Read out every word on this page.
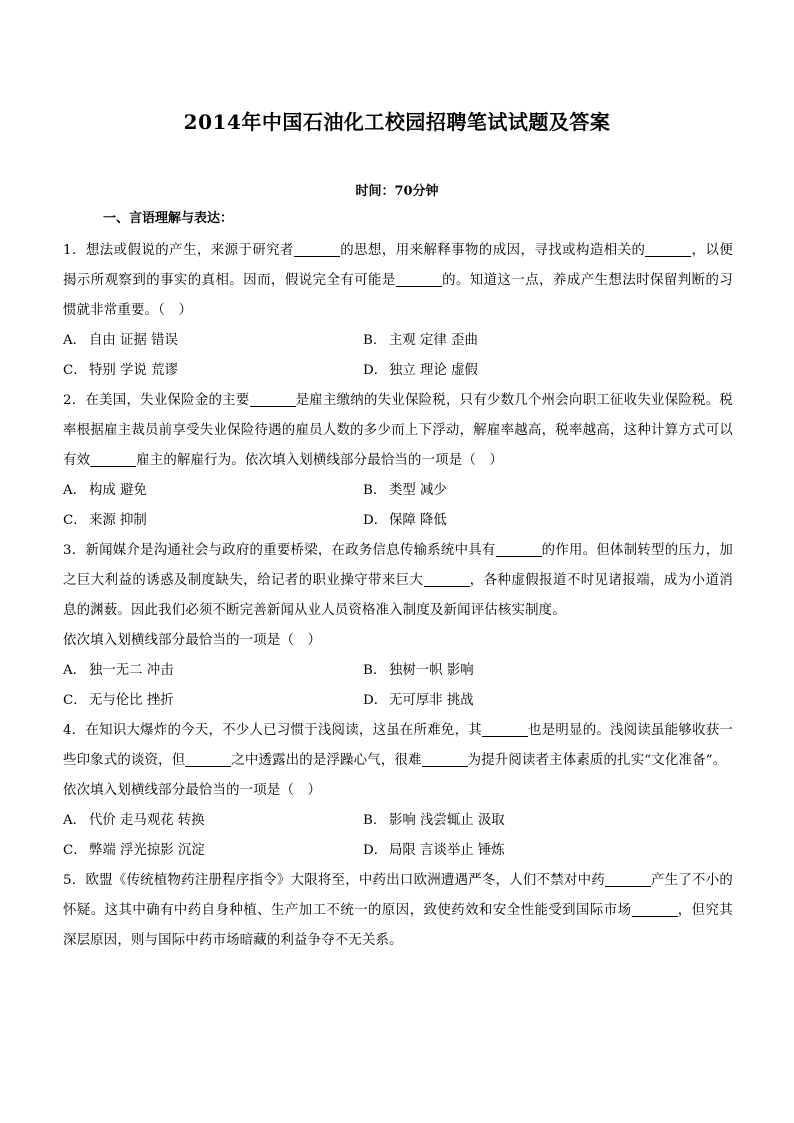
2014年中国石油化工校园招聘笔试试题及答案
时间：70分钟
一、言语理解与表达：

1．想法或假说的产生，来源于研究者	的思想，用来解释事物的成因，寻找或构造相关的	，以便揭示所观察到的事实的真相。因而，假说完全有可能是	的。知道这一点，养成产生想法时保留判断的习惯就非常重要。（　）

A． 自由 证据 错误	B． 主观 定律 歪曲
C． 特别 学说 荒谬	D． 独立 理论 虚假

2．在美国，失业保险金的主要	是雇主缴纳的失业保险税，只有少数几个州会向职工征收失业保险税。税率根据雇主裁员前享受失业保险待遇的雇员人数的多少而上下浮动，解雇率越高，税率越高，这种计算方式可以有效	雇主的解雇行为。依次填入划横线部分最恰当的一项是（　）

A． 构成 避免	B． 类型 减少
C． 来源 抑制	D． 保障 降低

3．新闻媒介是沟通社会与政府的重要桥梁，在政务信息传输系统中具有	的作用。但体制转型的压力，加之巨大利益的诱惑及制度缺失，给记者的职业操守带来巨大	，各种虚假报道不时见诸报端，成为小道消息的渊薮。因此我们必须不断完善新闻从业人员资格准入制度及新闻评估核实制度。

依次填入划横线部分最恰当的一项是（　）

A． 独一无二 冲击	B． 独树一帜 影响
C． 无与伦比 挫折	D． 无可厚非 挑战

4．在知识大爆炸的今天，不少人已习惯于浅阅读，这虽在所难免，其	也是明显的。浅阅读虽能够收获一些印象式的谈资，但	之中透露出的是浮躁心气，很难	为提升阅读者主体素质的扎实“文化准备”。

依次填入划横线部分最恰当的一项是（　）

A． 代价 走马观花 转换	B． 影响 浅尝辄止 汲取
C． 弊端 浮光掠影 沉淀	D． 局限 言谈举止 锤炼

5．欧盟《传统植物药注册程序指令》大限将至，中药出口欧洲遭遇严冬，人们不禁对中药	产生了不小的怀疑。这其中确有中药自身种植、生产加工不统一的原因，致使药效和安全性能受到国际市场	，但究其深层原因，则与国际中药市场暗藏的利益争夺不无关系。
